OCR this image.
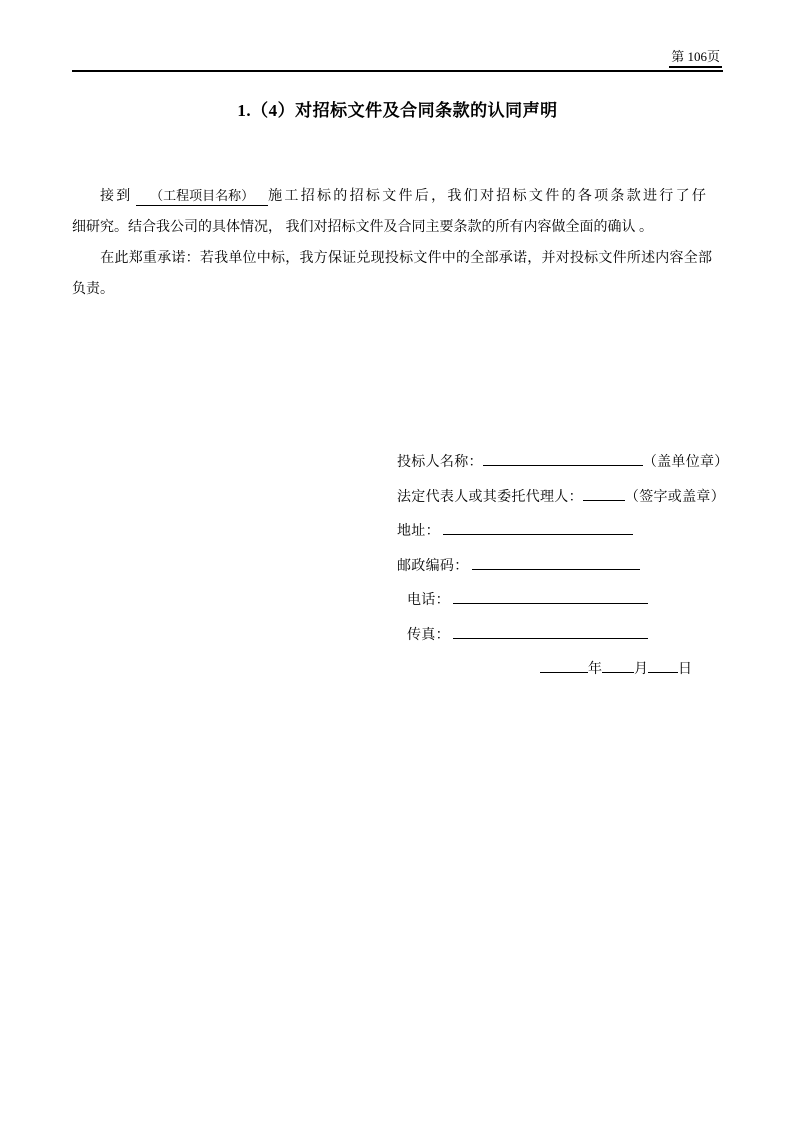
第 106页
1.（4）对招标文件及合同条款的认同声明

接到 （工程项目名称） 施工招标的招标文件后，我们对招标文件的各项条款进行了仔
细研究。结合我公司的具体情况， 我们对招标文件及合同主要条款的所有内容做全面的确认 。

在此郑重承诺：若我单位中标，我方保证兑现投标文件中的全部承诺，并对投标文件所述内容全部负责。

投标人名称：	（盖单位章）
法定代表人或其委托代理人：	（签字或盖章）
地址：
邮政编码：
电话：
传真：
年 月 日
